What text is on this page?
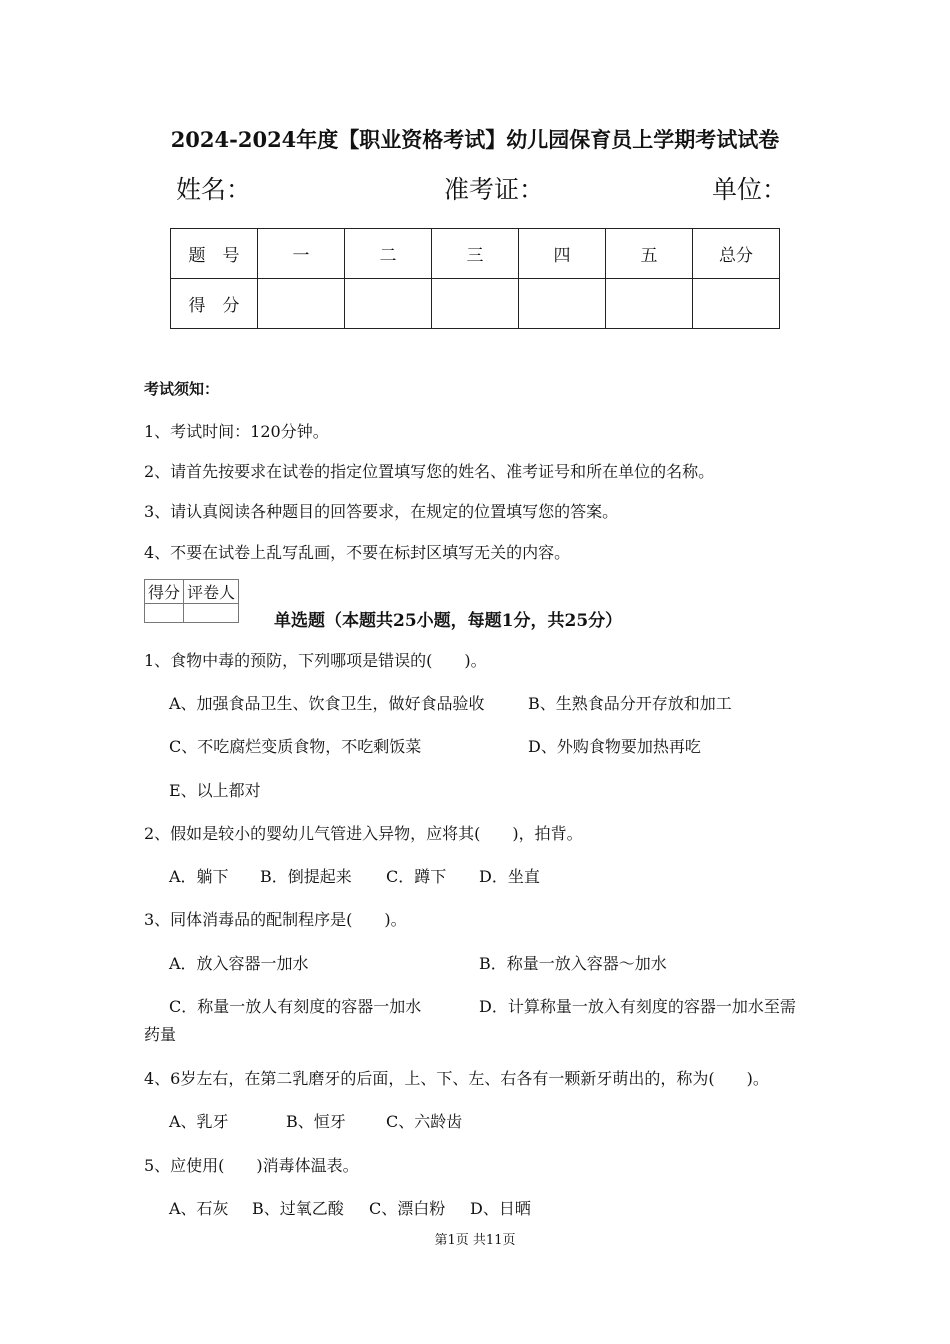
2024-2024年度【职业资格考试】幼儿园保育员上学期考试试卷
姓名：	准考证：	单位：
题　号	一	二	三	四	五	总分
得　分						
考试须知：
1、考试时间：120分钟。
2、请首先按要求在试卷的指定位置填写您的姓名、准考证号和所在单位的名称。
3、请认真阅读各种题目的回答要求，在规定的位置填写您的答案。
4、不要在试卷上乱写乱画，不要在标封区填写无关的内容。
得分	评卷人

单选题（本题共25小题，每题1分，共25分）
1、食物中毒的预防，下列哪项是错误的(　　)。
A、加强食品卫生、饮食卫生，做好食品验收	B、生熟食品分开存放和加工
C、不吃腐烂变质食物，不吃剩饭菜	D、外购食物要加热再吃
E、以上都对
2、假如是较小的婴幼儿气管进入异物，应将其(　　)，拍背。
A．躺下 B．倒提起来 C．蹲下 D．坐直
3、同体消毒品的配制程序是(　　)。
A．放入容器一加水	B．称量一放入容器～加水
C．称量一放人有刻度的容器一加水	D．计算称量一放入有刻度的容器一加水至需
药量
4、6岁左右，在第二乳磨牙的后面，上、下、左、右各有一颗新牙萌出的，称为(　　)。
A、乳牙	B、恒牙	C、六龄齿
5、应使用(　　)消毒体温表。
A、石灰 B、过氧乙酸 C、漂白粉 D、日晒
第1页 共11页
